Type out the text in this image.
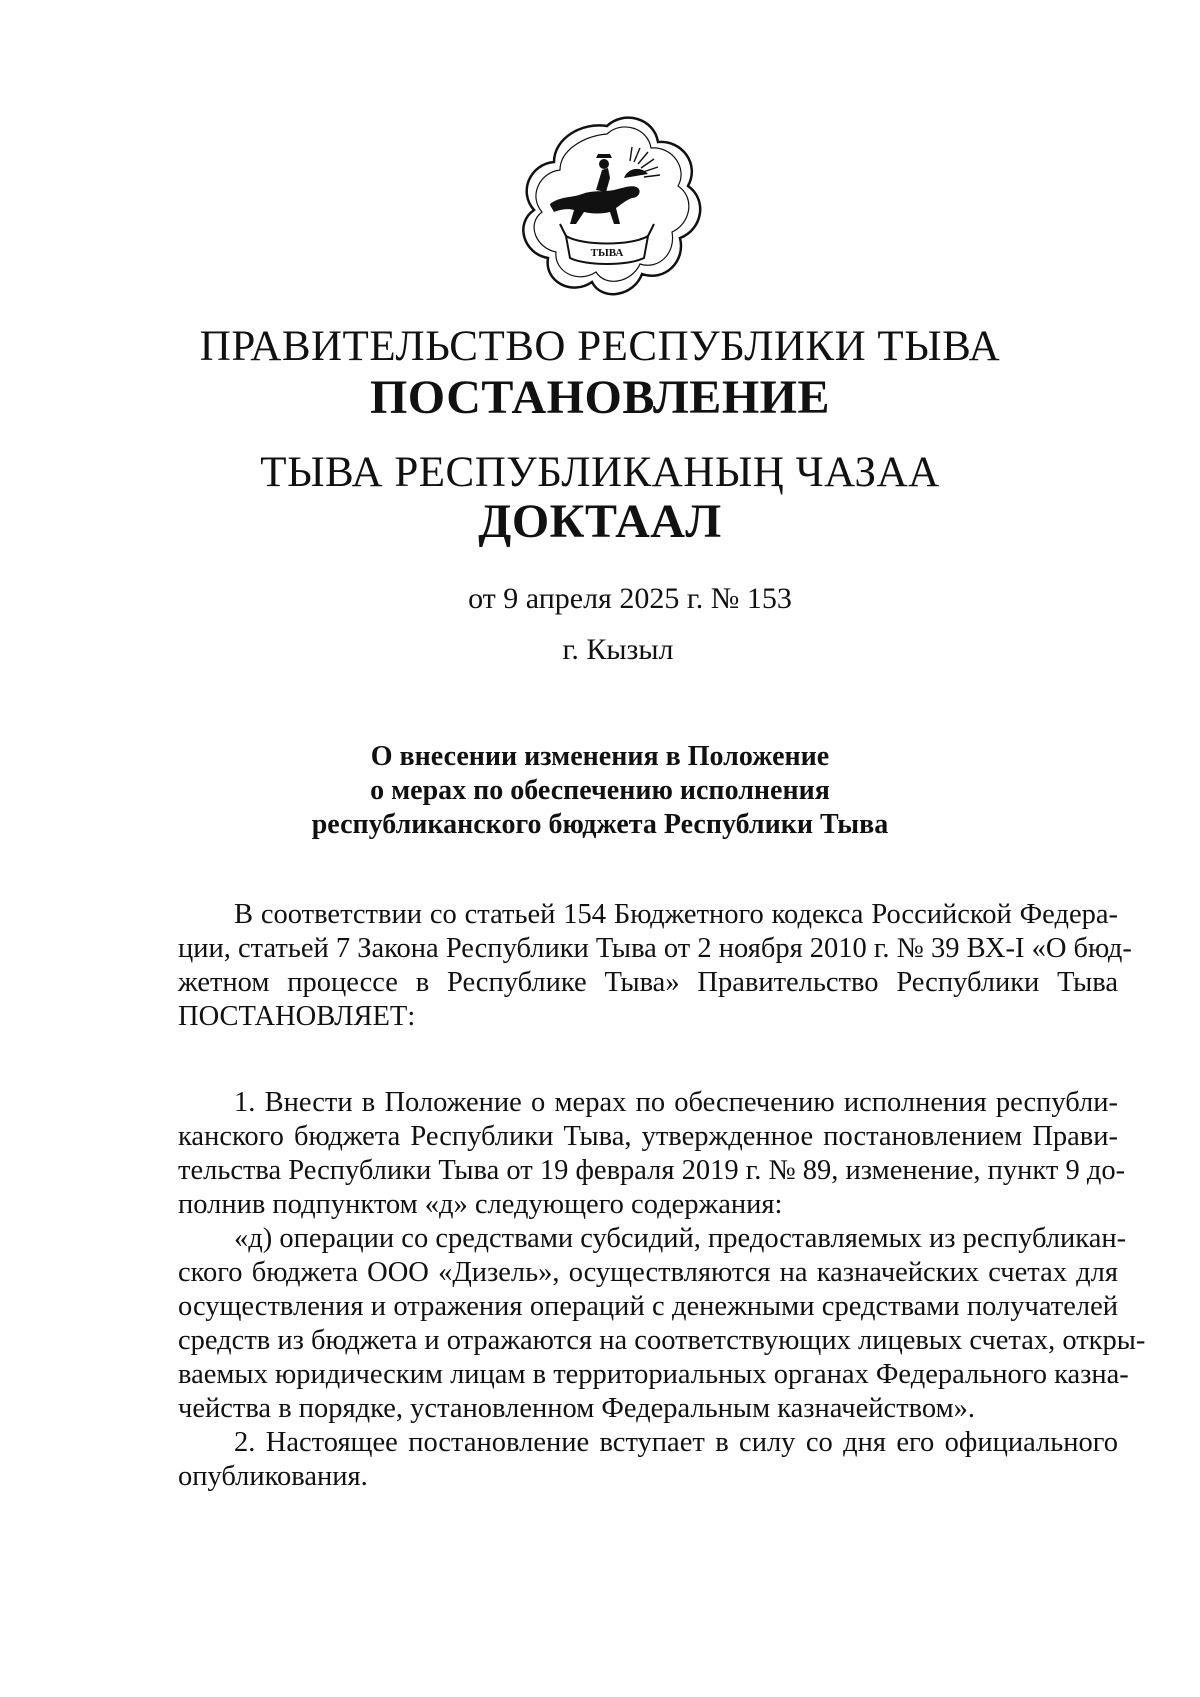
ТЫВА
ПРАВИТЕЛЬСТВО РЕСПУБЛИКИ ТЫВА
ПОСТАНОВЛЕНИЕ
ТЫВА РЕСПУБЛИКАНЫҢ ЧАЗАА
ДОКТААЛ
от 9 апреля 2025 г. № 153
г. Кызыл
О внесении изменения в Положение
о мерах по обеспечению исполнения
республиканского бюджета Республики Тыва
В соответствии со статьей 154 Бюджетного кодекса Российской Федера-
ции, статьей 7 Закона Республики Тыва от 2 ноября 2010 г. № 39 ВХ-I «О бюд-
жетном процессе в Республике Тыва» Правительство Республики Тыва
ПОСТАНОВЛЯЕТ:
1. Внести в Положение о мерах по обеспечению исполнения республи-
канского бюджета Республики Тыва, утвержденное постановлением Прави-
тельства Республики Тыва от 19 февраля 2019 г. № 89, изменение, пункт 9 до-
полнив подпунктом «д» следующего содержания:
«д) операции со средствами субсидий, предоставляемых из республикан-
ского бюджета ООО «Дизель», осуществляются на казначейских счетах для
осуществления и отражения операций с денежными средствами получателей
средств из бюджета и отражаются на соответствующих лицевых счетах, откры-
ваемых юридическим лицам в территориальных органах Федерального казна-
чейства в порядке, установленном Федеральным казначейством».
2. Настоящее постановление вступает в силу со дня его официального
опубликования.
